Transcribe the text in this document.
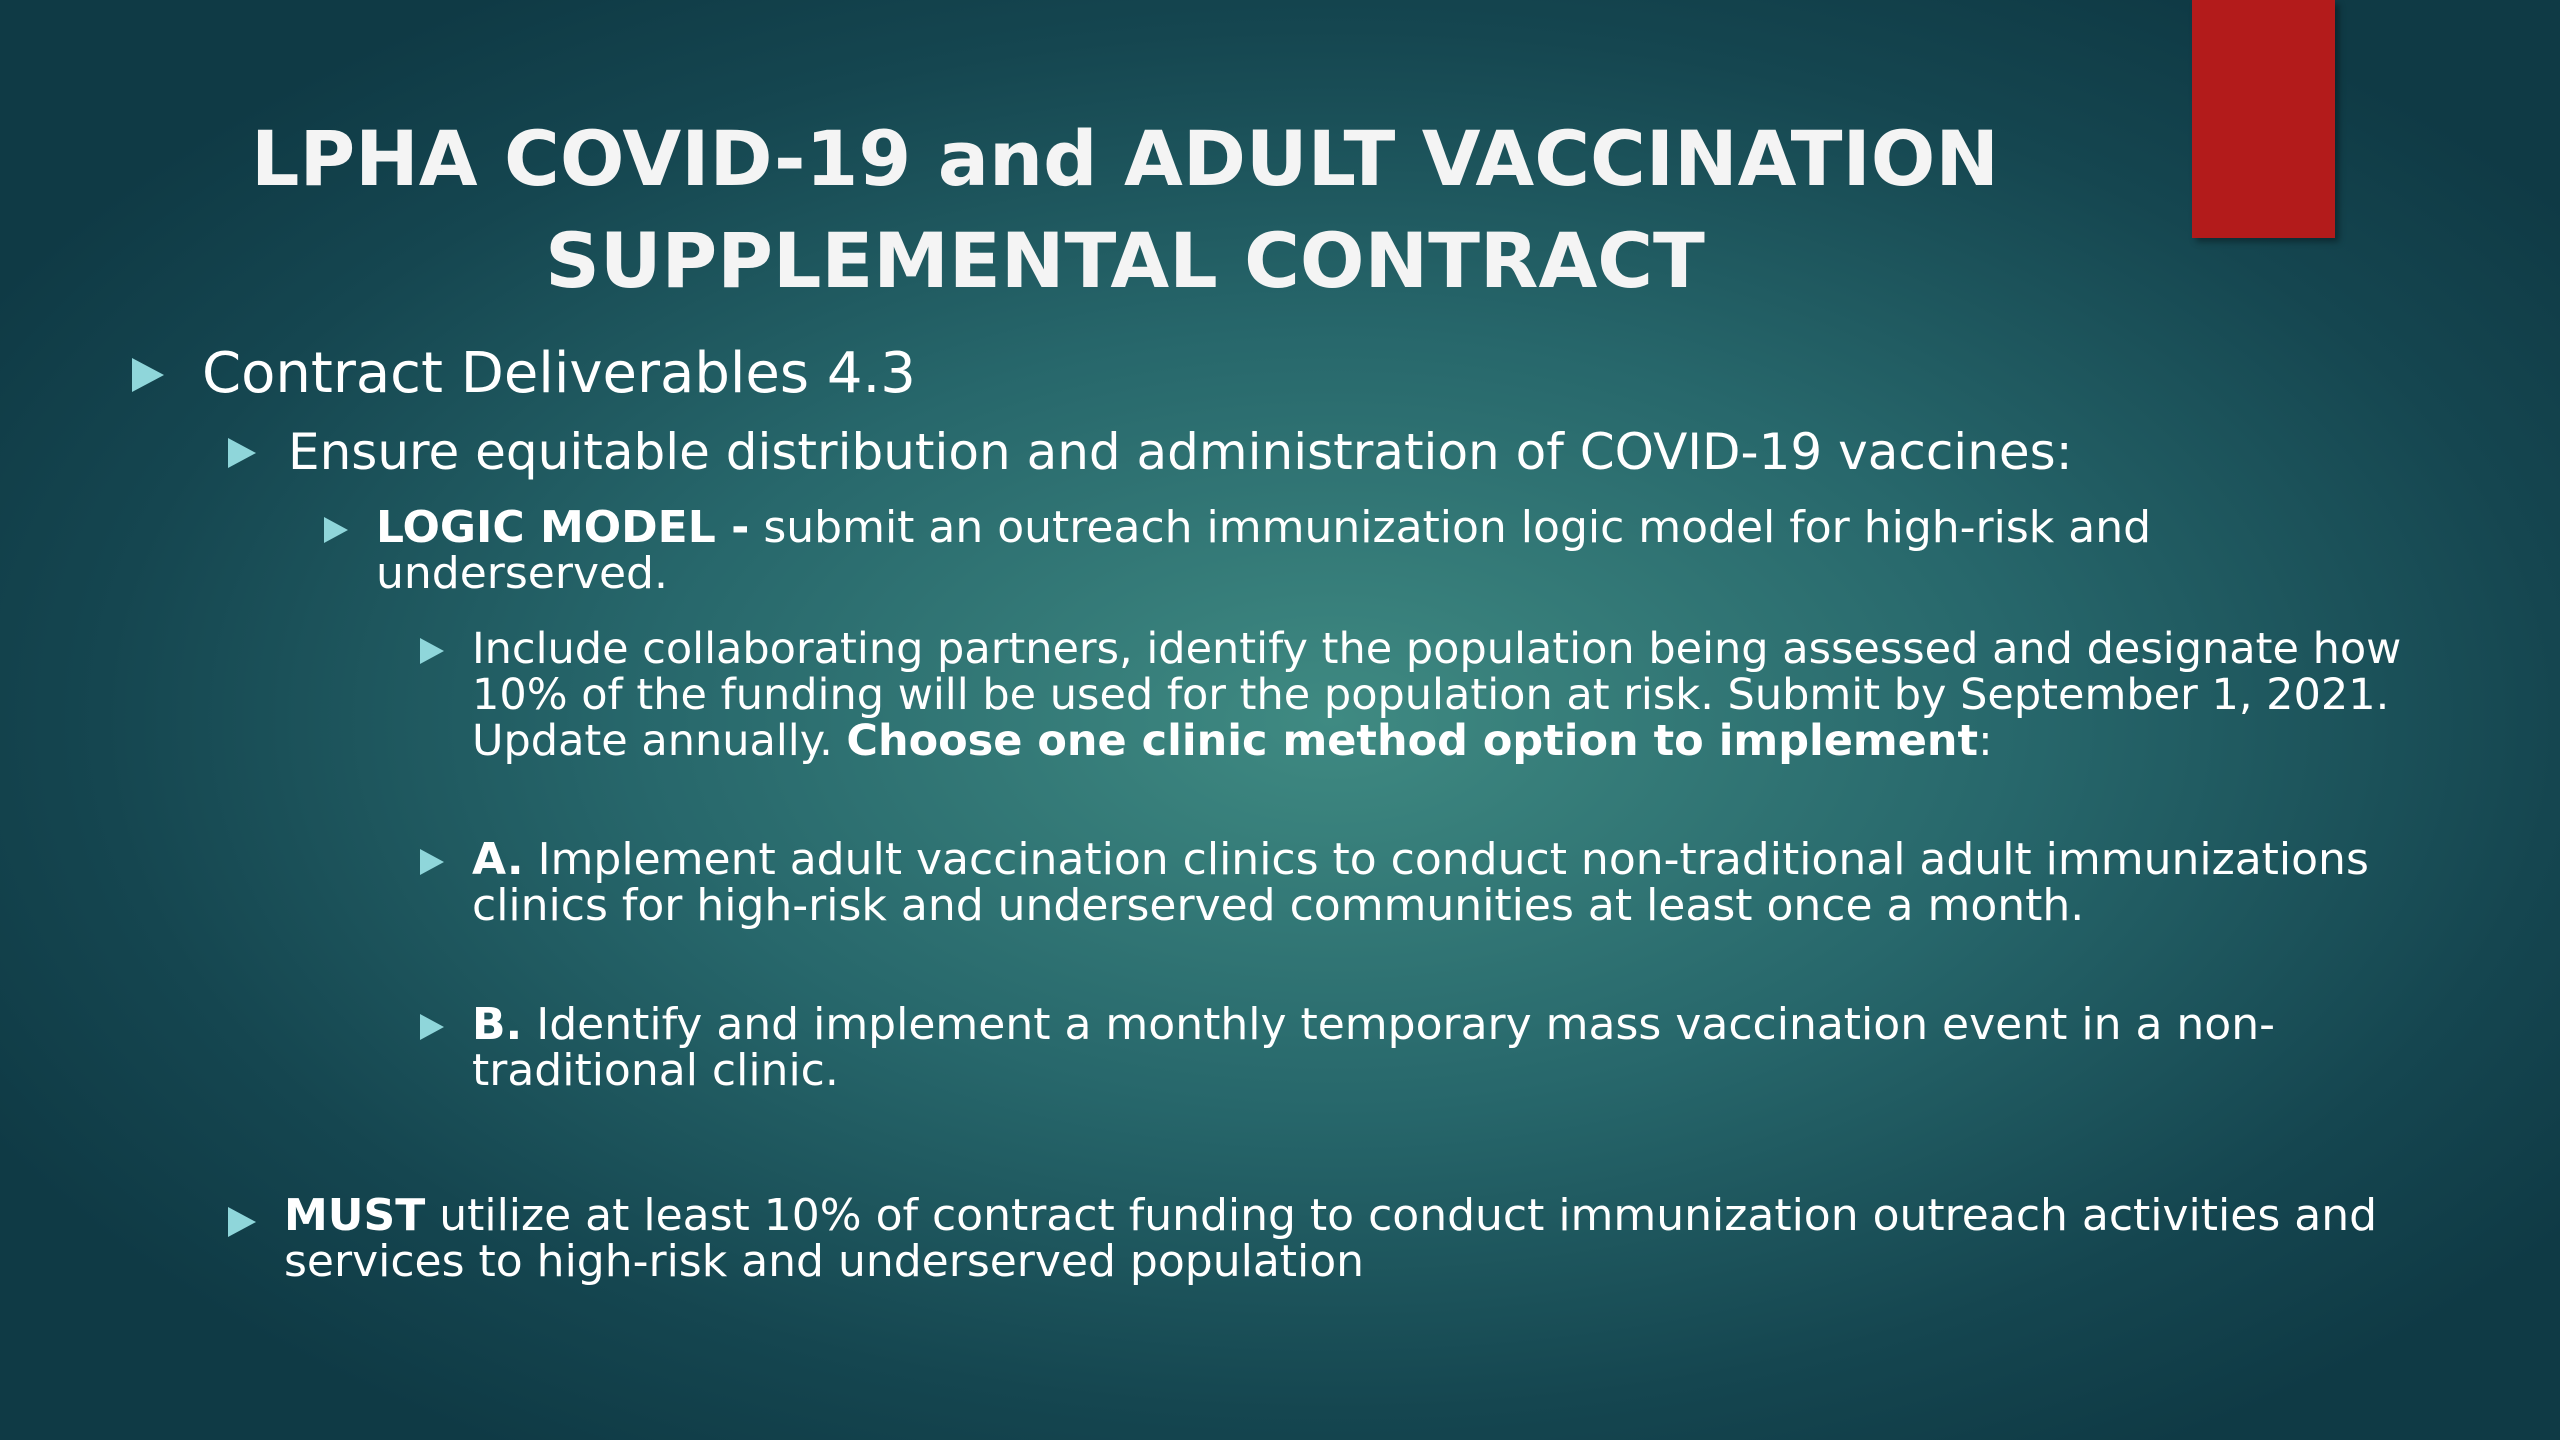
LPHA COVID-19 and ADULT VACCINATION
SUPPLEMENTAL CONTRACT
Contract Deliverables 4.3
Ensure equitable distribution and administration of COVID-19 vaccines:
LOGIC MODEL - submit an outreach immunization logic model for high-risk and underserved.
Include collaborating partners, identify the population being assessed and designate how 10% of the funding will be used for the population at risk. Submit by September 1, 2021. Update annually. Choose one clinic method option to implement:
A. Implement adult vaccination clinics to conduct non-traditional adult immunizations clinics for high-risk and underserved communities at least once a month.
B. Identify and implement a monthly temporary mass vaccination event in a non-traditional clinic.
MUST utilize at least 10% of contract funding to conduct immunization outreach activities and services to high-risk and underserved population
